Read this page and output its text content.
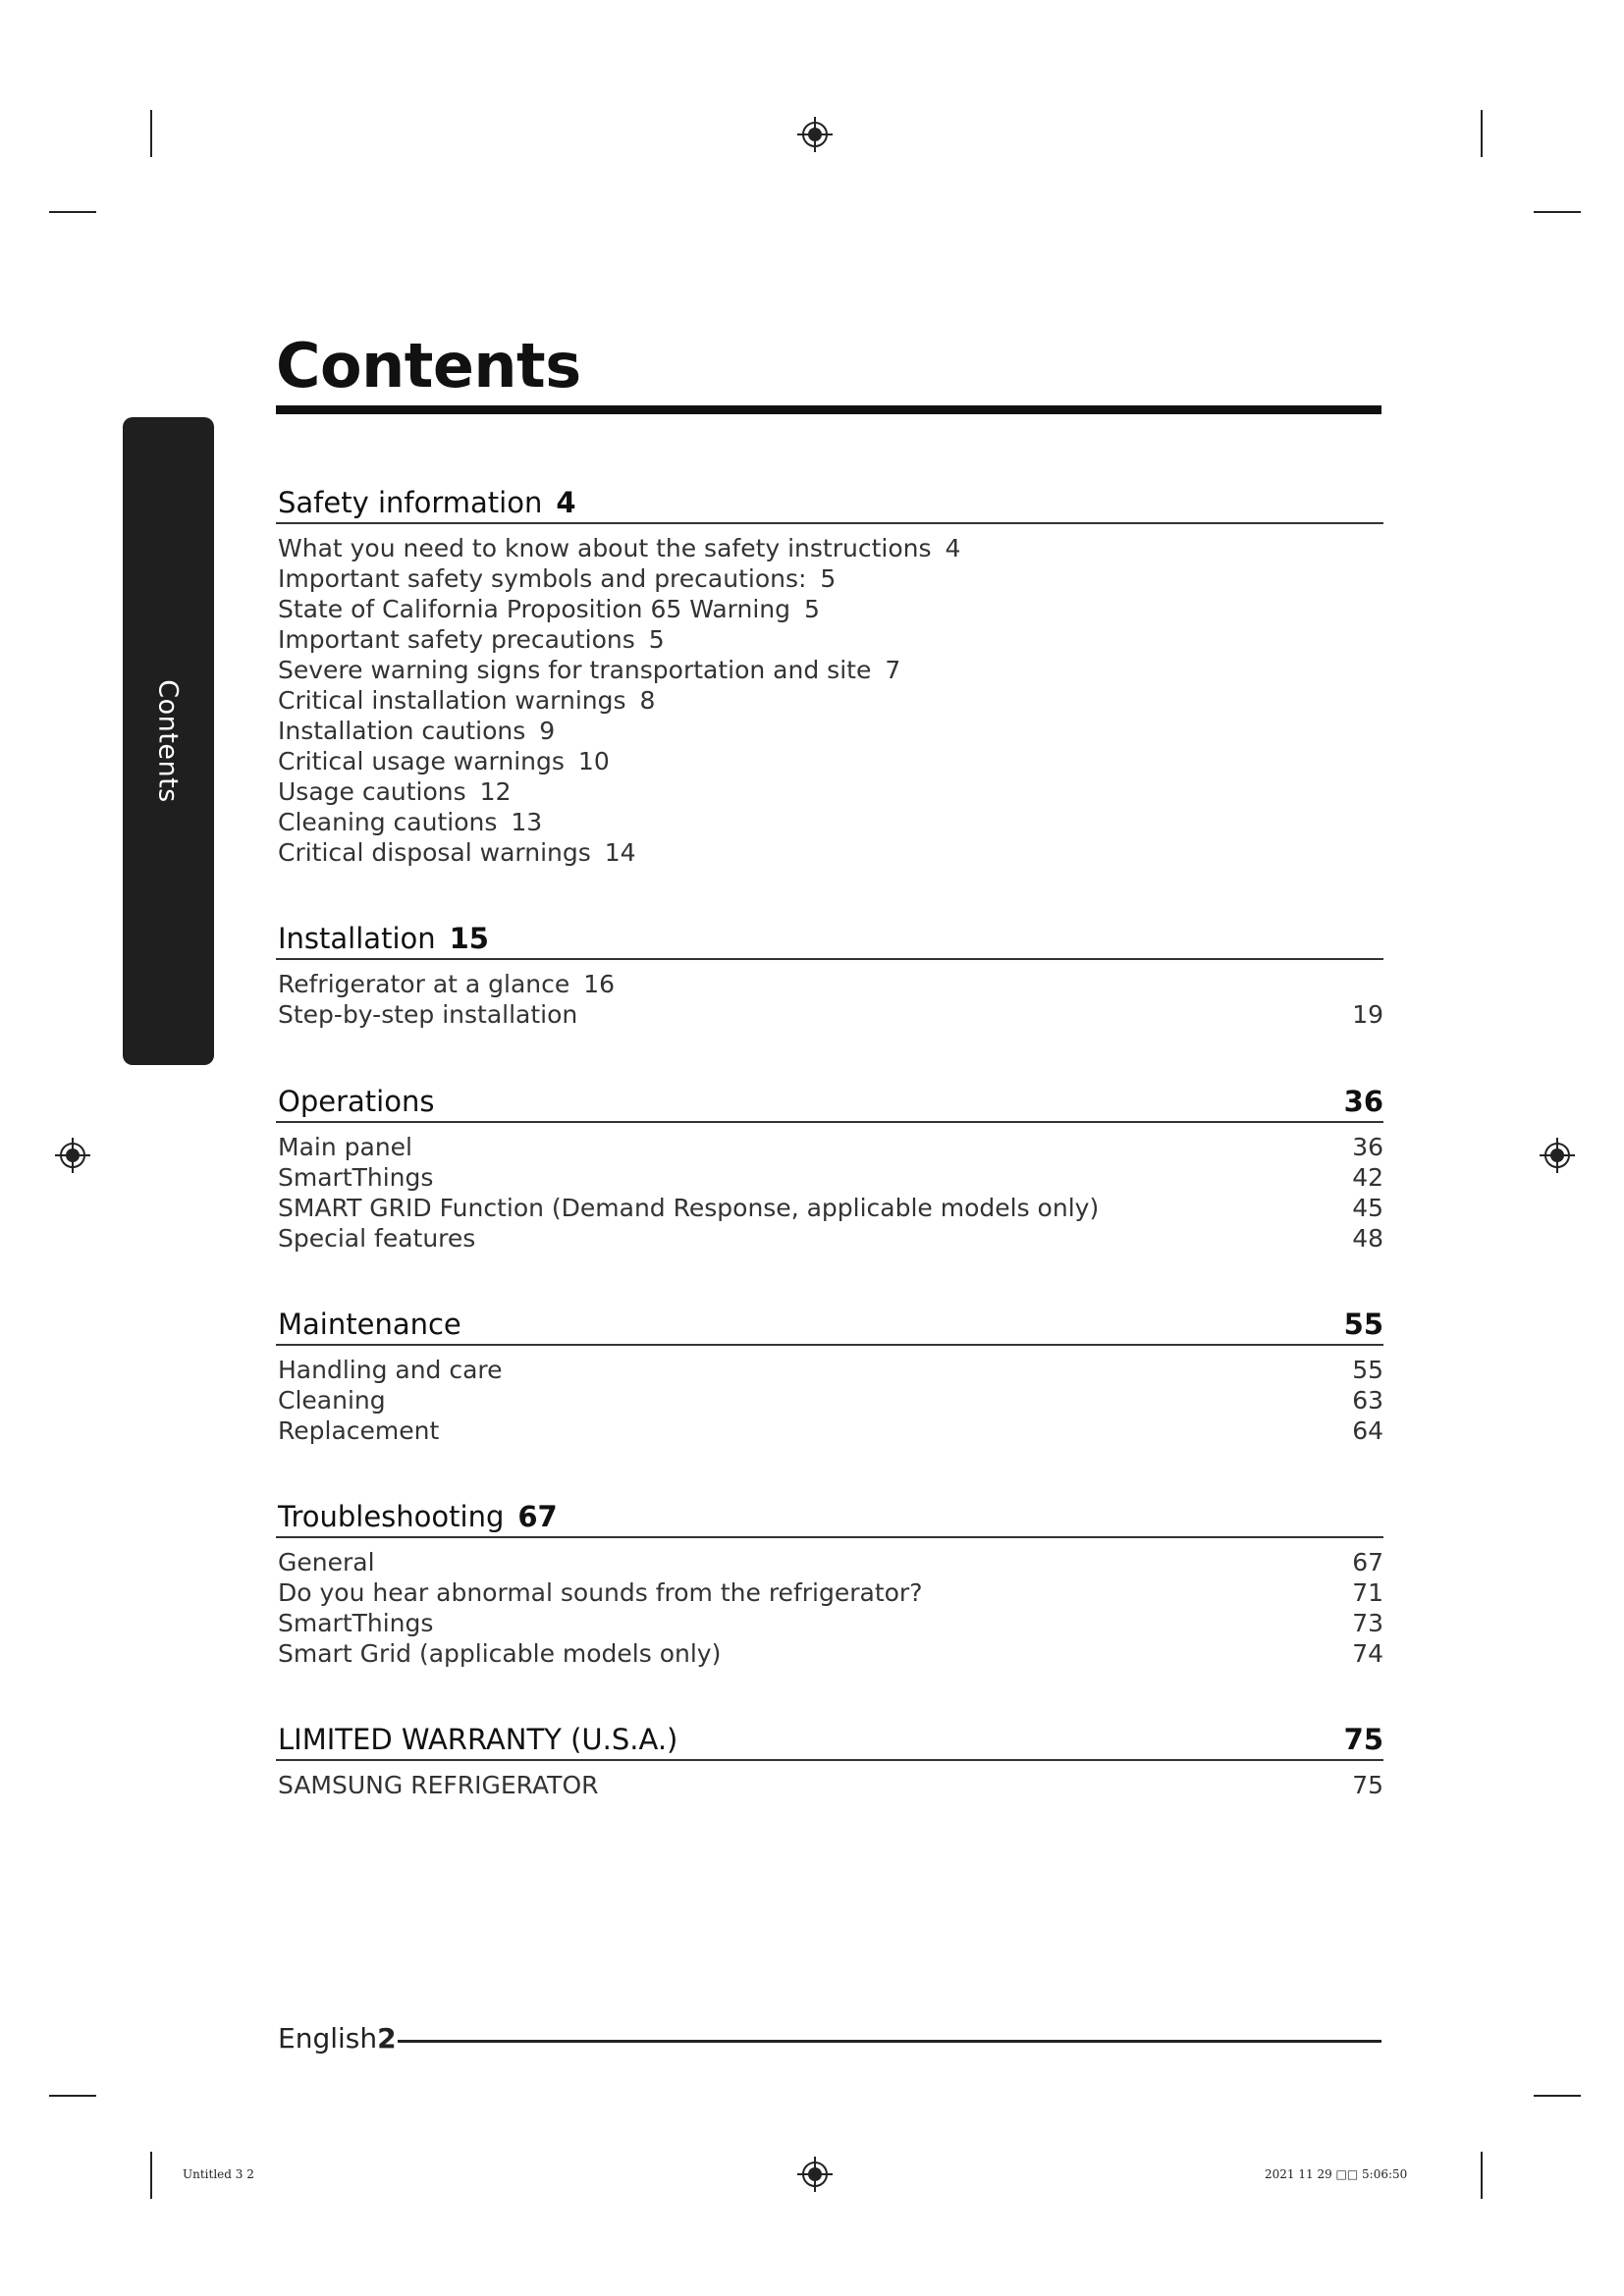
Contents
Contents
Safety information 4
What you need to know about the safety instructions 4
Important safety symbols and precautions: 5
State of California Proposition 65 Warning 5
Important safety precautions 5
Severe warning signs for transportation and site 7
Critical installation warnings 8
Installation cautions 9
Critical usage warnings 10
Usage cautions 12
Cleaning cautions 13
Critical disposal warnings 14
Installation 15
Refrigerator at a glance 16
Step-by-step installation	19
Operations	36
Main panel	36
SmartThings	42
SMART GRID Function (Demand Response, applicable models only)	45
Special features	48
Maintenance	55
Handling and care	55
Cleaning	63
Replacement	64
Troubleshooting 67
General	67
Do you hear abnormal sounds from the refrigerator?	71
SmartThings	73
Smart Grid (applicable models only)	74
LIMITED WARRANTY (U.S.A.)	75
SAMSUNG REFRIGERATOR	75
English2
Untitled 3 2	2021 11 29 □□ 5:06:50
